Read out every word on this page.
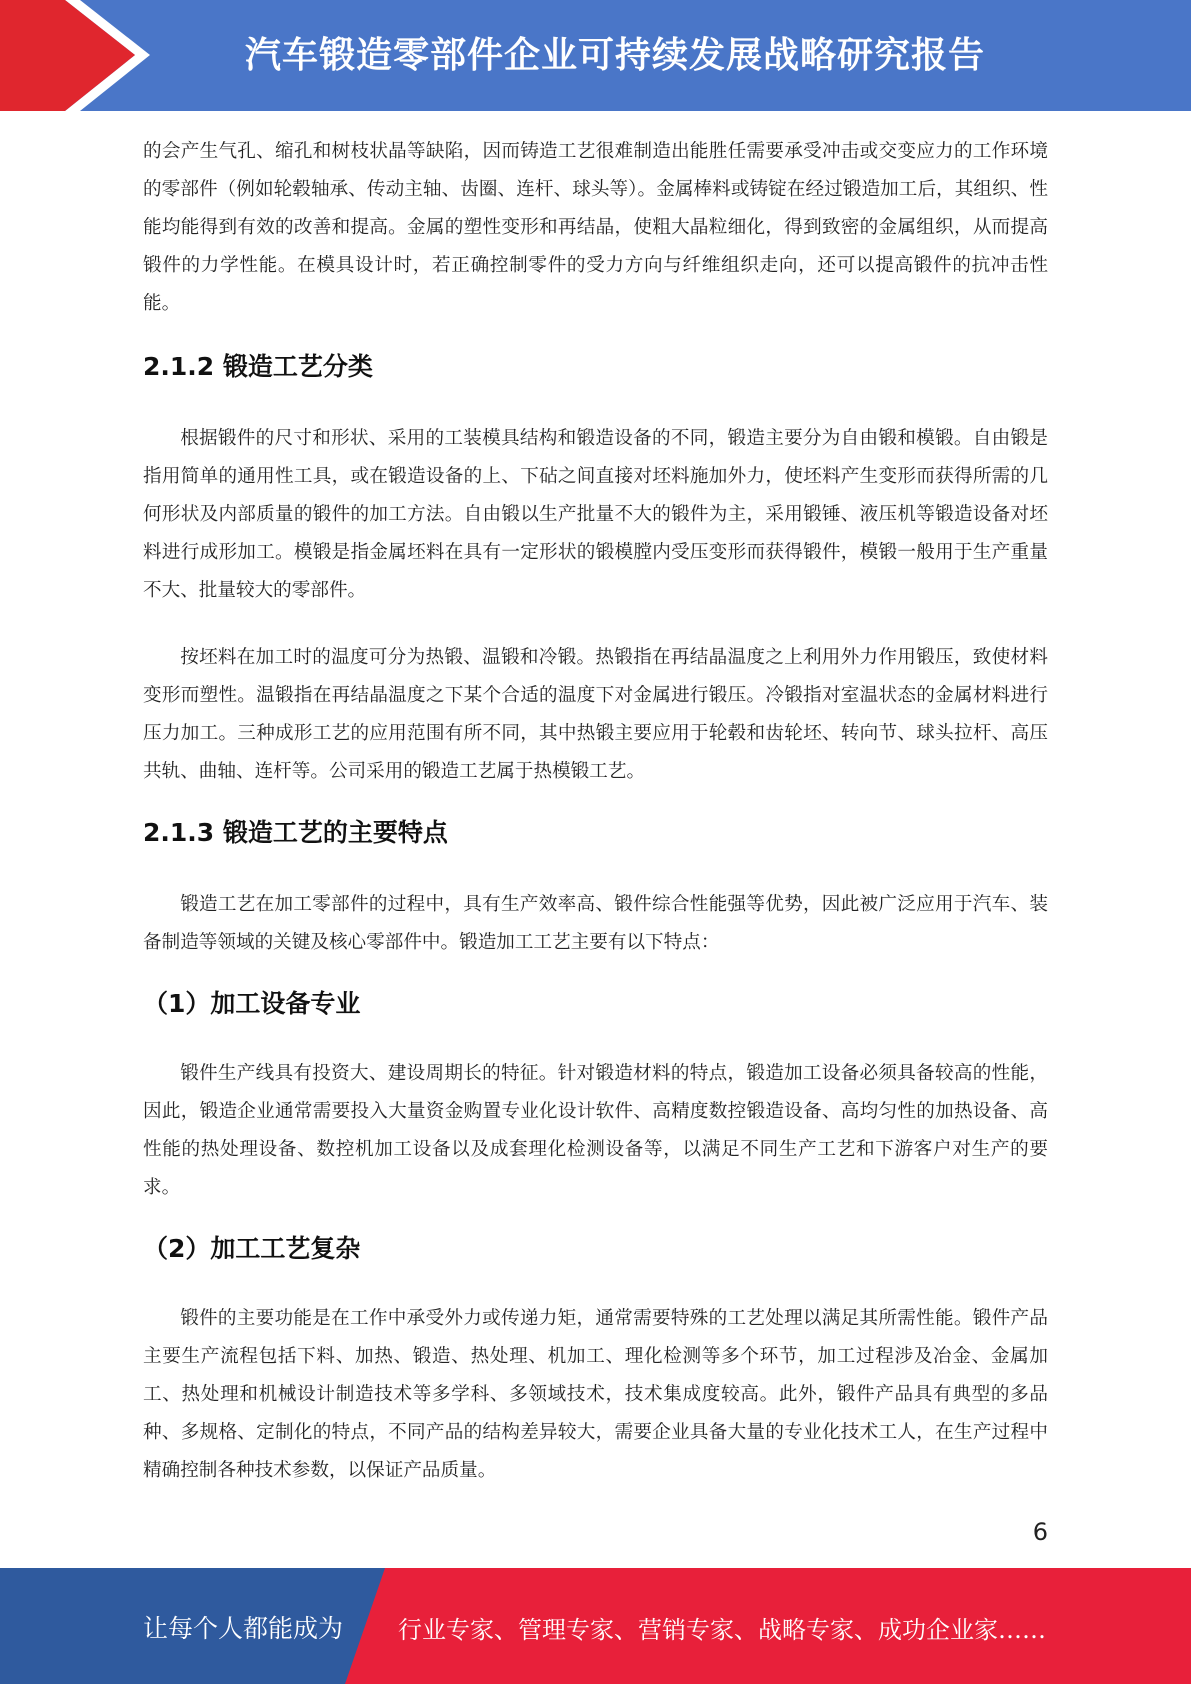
汽车锻造零部件企业可持续发展战略研究报告

的会产生气孔、缩孔和树枝状晶等缺陷，因而铸造工艺很难制造出能胜任需要承受冲击或交变应力的工作环境的零部件（例如轮毂轴承、传动主轴、齿圈、连杆、球头等）。金属棒料或铸锭在经过锻造加工后，其组织、性能均能得到有效的改善和提高。金属的塑性变形和再结晶，使粗大晶粒细化，得到致密的金属组织，从而提高锻件的力学性能。在模具设计时，若正确控制零件的受力方向与纤维组织走向，还可以提高锻件的抗冲击性能。

2.1.2 锻造工艺分类

根据锻件的尺寸和形状、采用的工装模具结构和锻造设备的不同，锻造主要分为自由锻和模锻。自由锻是指用简单的通用性工具，或在锻造设备的上、下砧之间直接对坯料施加外力，使坯料产生变形而获得所需的几何形状及内部质量的锻件的加工方法。自由锻以生产批量不大的锻件为主，采用锻锤、液压机等锻造设备对坯料进行成形加工。模锻是指金属坯料在具有一定形状的锻模膛内受压变形而获得锻件，模锻一般用于生产重量不大、批量较大的零部件。

按坯料在加工时的温度可分为热锻、温锻和冷锻。热锻指在再结晶温度之上利用外力作用锻压，致使材料变形而塑性。温锻指在再结晶温度之下某个合适的温度下对金属进行锻压。冷锻指对室温状态的金属材料进行压力加工。三种成形工艺的应用范围有所不同，其中热锻主要应用于轮毂和齿轮坯、转向节、球头拉杆、高压共轨、曲轴、连杆等。公司采用的锻造工艺属于热模锻工艺。

2.1.3 锻造工艺的主要特点

锻造工艺在加工零部件的过程中，具有生产效率高、锻件综合性能强等优势，因此被广泛应用于汽车、装备制造等领域的关键及核心零部件中。锻造加工工艺主要有以下特点：

（1）加工设备专业

锻件生产线具有投资大、建设周期长的特征。针对锻造材料的特点，锻造加工设备必须具备较高的性能，因此，锻造企业通常需要投入大量资金购置专业化设计软件、高精度数控锻造设备、高均匀性的加热设备、高性能的热处理设备、数控机加工设备以及成套理化检测设备等，以满足不同生产工艺和下游客户对生产的要求。

（2）加工工艺复杂

锻件的主要功能是在工作中承受外力或传递力矩，通常需要特殊的工艺处理以满足其所需性能。锻件产品主要生产流程包括下料、加热、锻造、热处理、机加工、理化检测等多个环节，加工过程涉及冶金、金属加工、热处理和机械设计制造技术等多学科、多领域技术，技术集成度较高。此外，锻件产品具有典型的多品种、多规格、定制化的特点，不同产品的结构差异较大，需要企业具备大量的专业化技术工人，在生产过程中精确控制各种技术参数，以保证产品质量。

6
让每个人都能成为 行业专家、管理专家、营销专家、战略专家、成功企业家……
